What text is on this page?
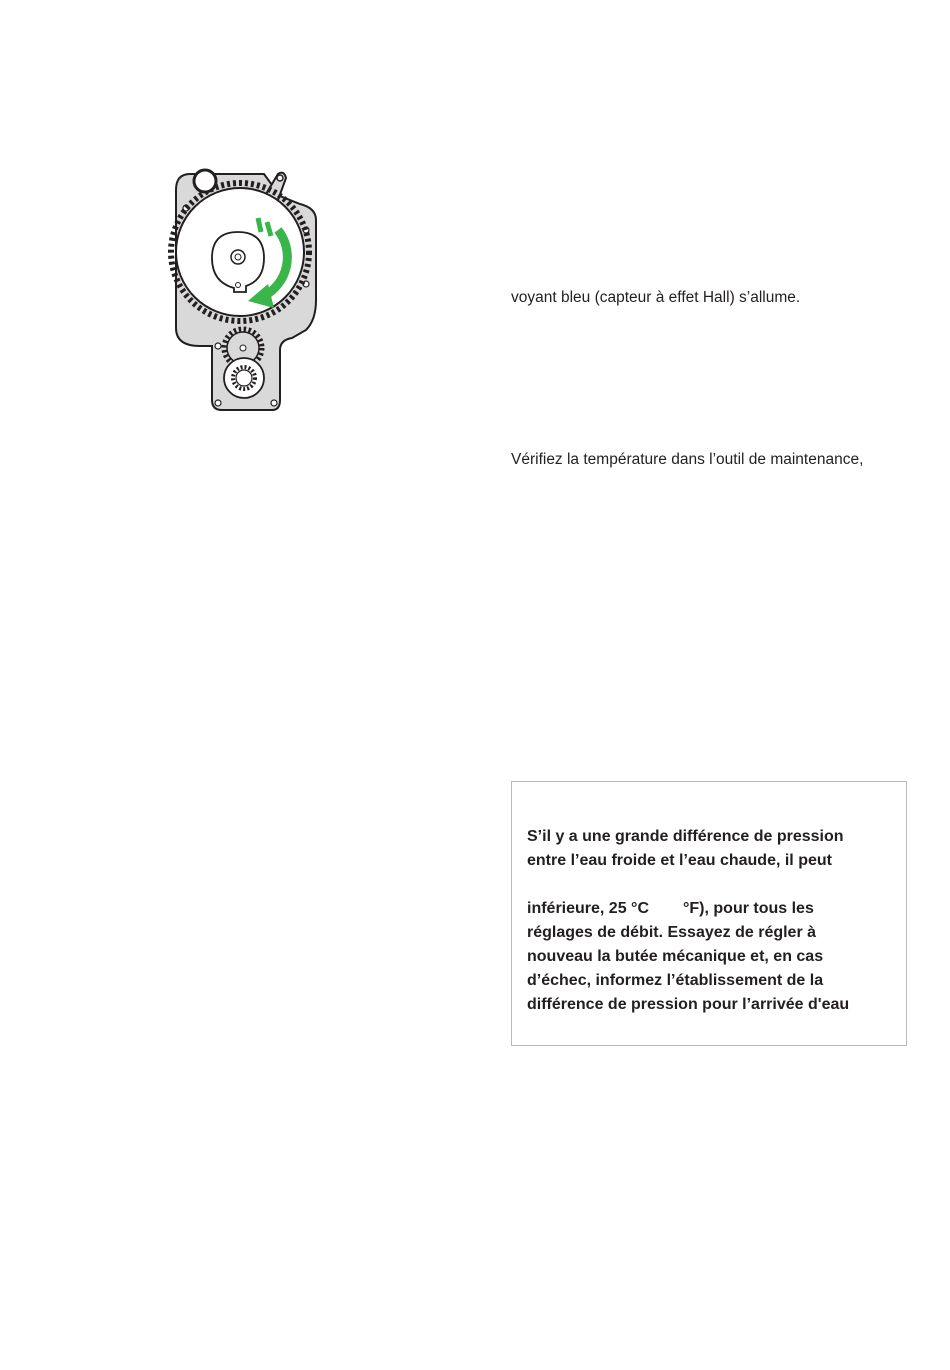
voyant bleu (capteur à effet Hall) s’allume.

Vérifiez la température dans l’outil de maintenance,

S’il y a une grande différence de pression

entre l’eau froide et l’eau chaude, il peut

inférieure, 25 °C °F), pour tous les

réglages de débit. Essayez de régler à

nouveau la butée mécanique et, en cas

d’échec, informez l’établissement de la

différence de pression pour l’arrivée d'eau
